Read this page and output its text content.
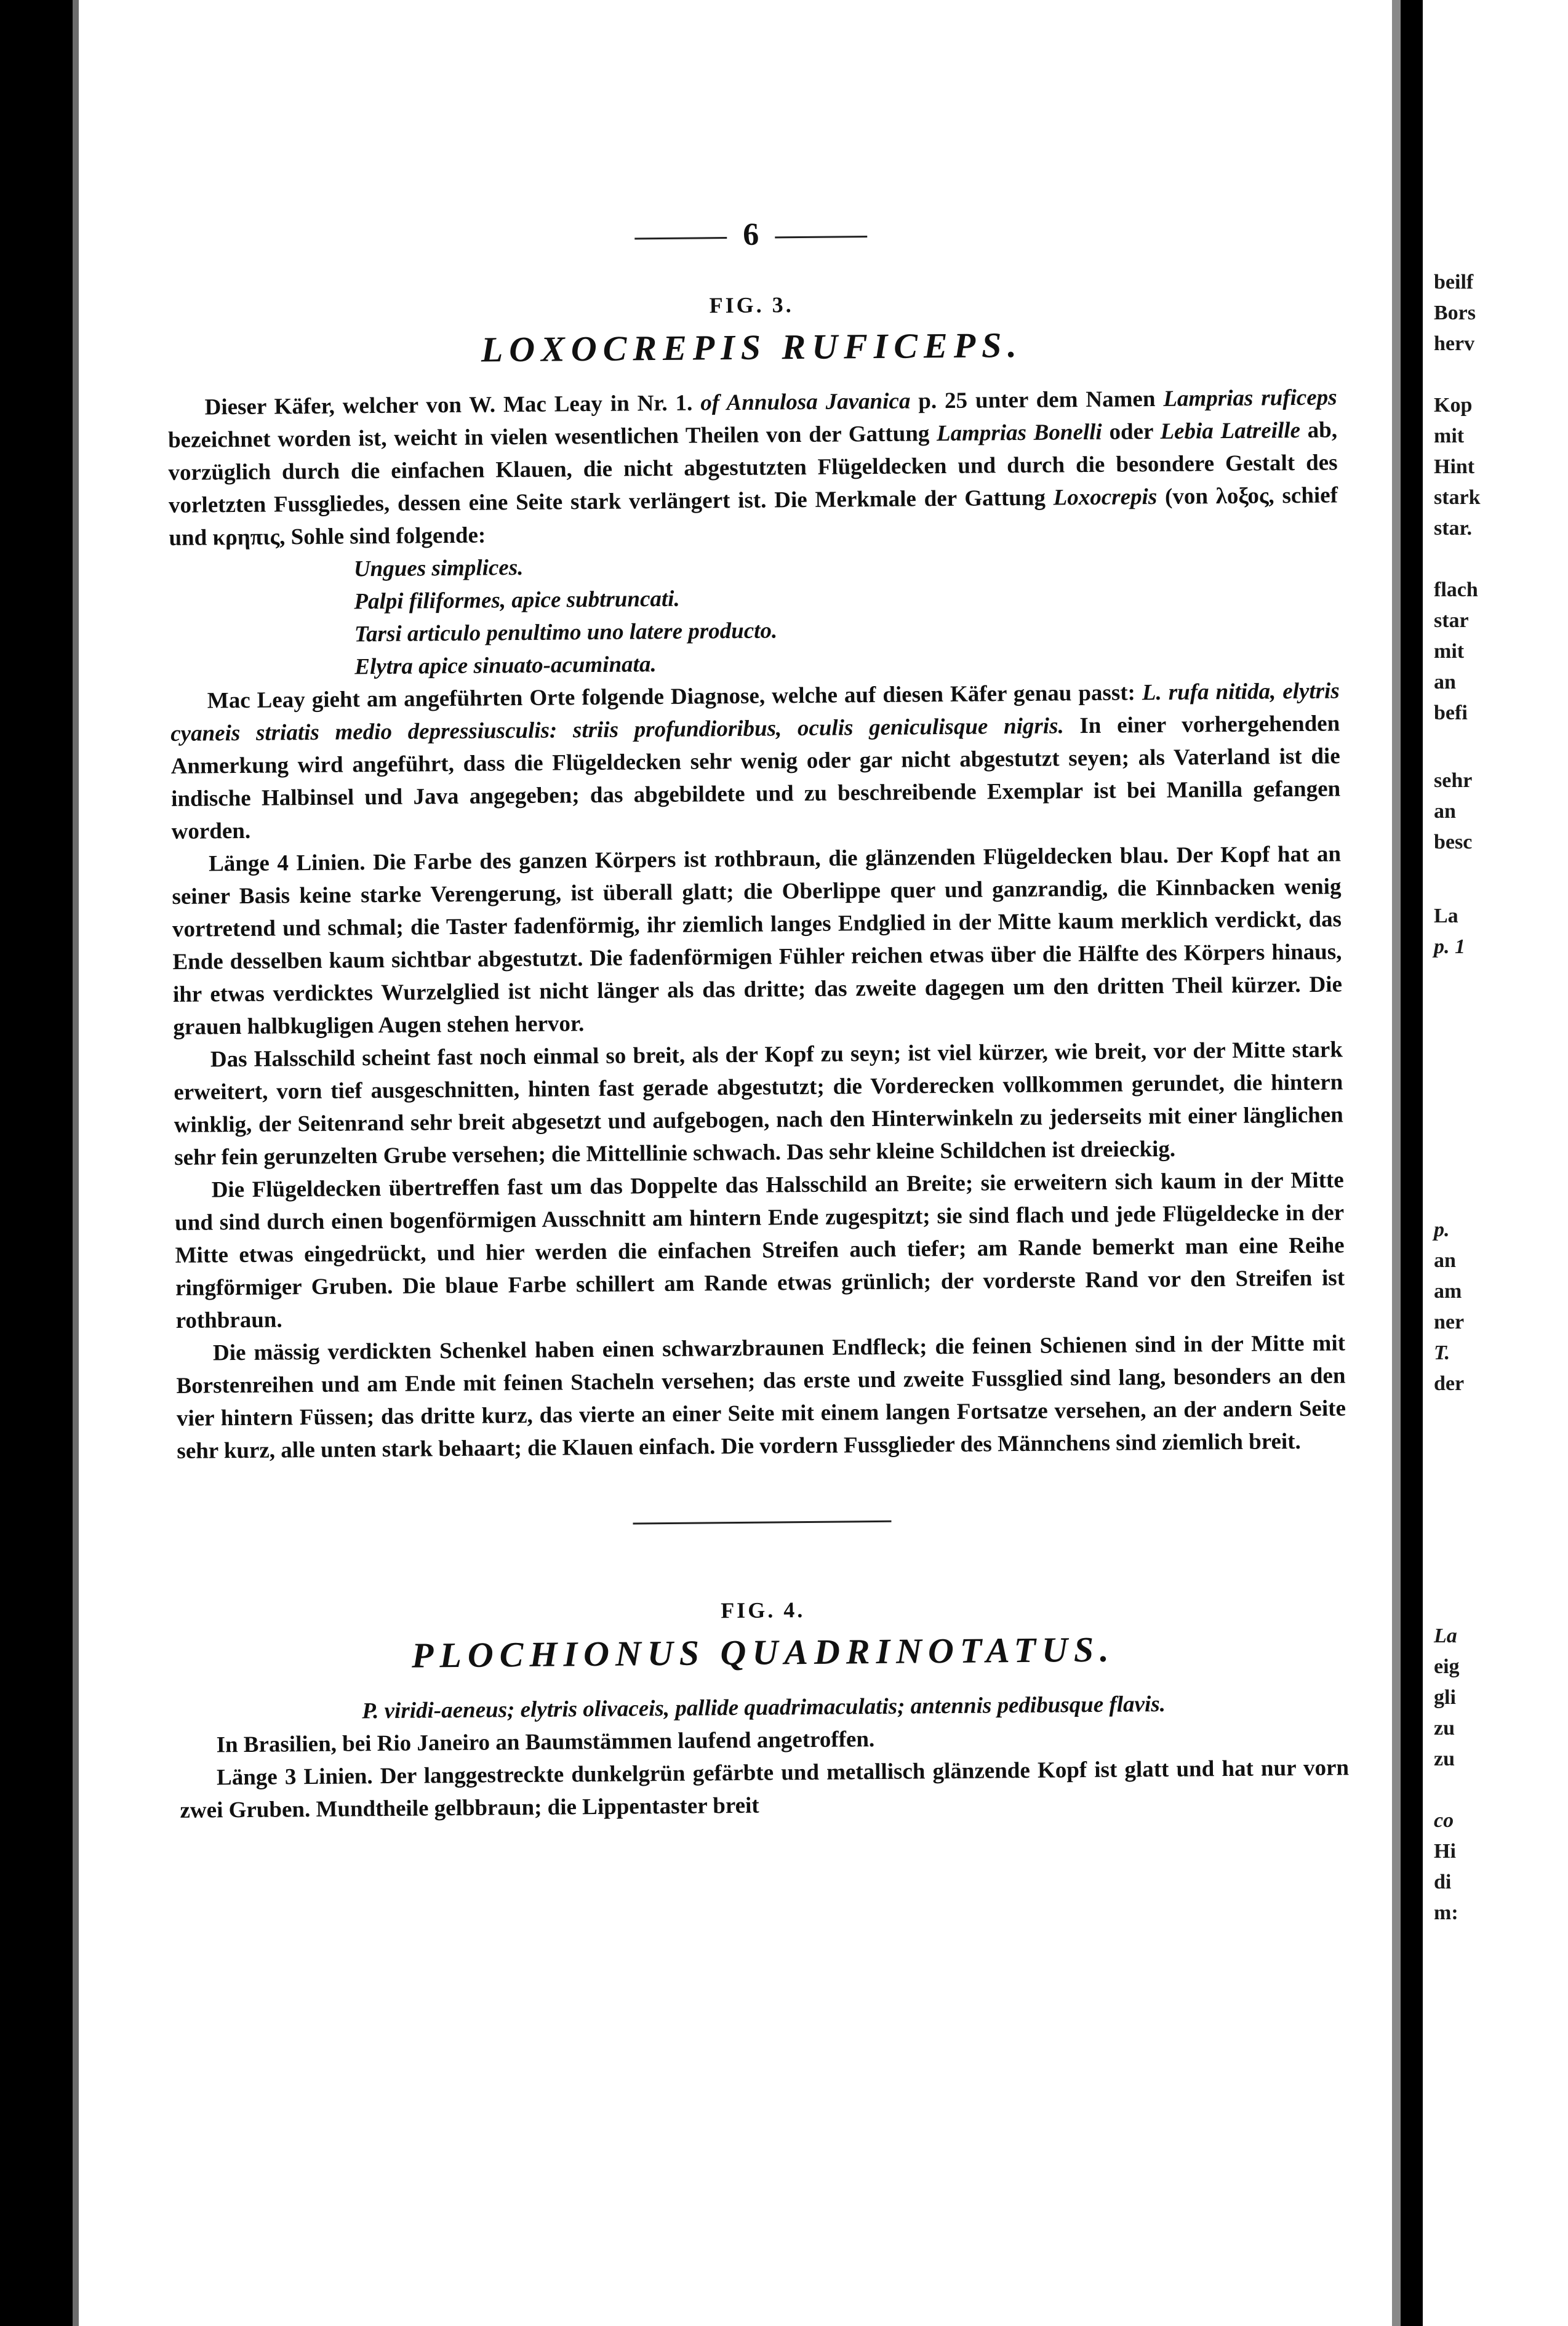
6
FIG. 3.
LOXOCREPIS RUFICEPS.

Dieser Käfer, welcher von W. Mac Leay in Nr. 1. of Annulosa Javanica p. 25 unter dem Namen Lamprias ruficeps bezeichnet worden ist, weicht in vielen wesentlichen Theilen von der Gattung Lamprias Bonelli oder Lebia Latreille ab, vorzüglich durch die einfachen Klauen, die nicht abgestutzten Flügeldecken und durch die besondere Gestalt des vorletzten Fussgliedes, dessen eine Seite stark verlängert ist. Die Merkmale der Gattung Loxocrepis (von λοξος, schief und κρηπις, Sohle sind folgende:

Ungues simplices.
Palpi filiformes, apice subtruncati.
Tarsi articulo penultimo uno latere producto.
Elytra apice sinuato-acuminata.

Mac Leay gieht am angeführten Orte folgende Diagnose, welche auf diesen Käfer genau passt: L. rufa nitida, elytris cyaneis striatis medio depressiusculis: striis profundioribus, oculis geniculisque nigris. In einer vorhergehenden Anmerkung wird angeführt, dass die Flügeldecken sehr wenig oder gar nicht abgestutzt seyen; als Vaterland ist die indische Halbinsel und Java angegeben; das abgebildete und zu beschreibende Exemplar ist bei Manilla gefangen worden.

Länge 4 Linien. Die Farbe des ganzen Körpers ist rothbraun, die glänzenden Flügeldecken blau. Der Kopf hat an seiner Basis keine starke Verengerung, ist überall glatt; die Oberlippe quer und ganzrandig, die Kinnbacken wenig vortretend und schmal; die Taster fadenförmig, ihr ziemlich langes Endglied in der Mitte kaum merklich verdickt, das Ende desselben kaum sichtbar abgestutzt. Die fadenförmigen Fühler reichen etwas über die Hälfte des Körpers hinaus, ihr etwas verdicktes Wurzelglied ist nicht länger als das dritte; das zweite dagegen um den dritten Theil kürzer. Die grauen halbkugligen Augen stehen hervor.

Das Halsschild scheint fast noch einmal so breit, als der Kopf zu seyn; ist viel kürzer, wie breit, vor der Mitte stark erweitert, vorn tief ausgeschnitten, hinten fast gerade abgestutzt; die Vorderecken vollkommen gerundet, die hintern winklig, der Seitenrand sehr breit abgesetzt und aufgebogen, nach den Hinterwinkeln zu jederseits mit einer länglichen sehr fein gerunzelten Grube versehen; die Mittellinie schwach. Das sehr kleine Schildchen ist dreieckig.

Die Flügeldecken übertreffen fast um das Doppelte das Halsschild an Breite; sie erweitern sich kaum in der Mitte und sind durch einen bogenförmigen Ausschnitt am hintern Ende zugespitzt; sie sind flach und jede Flügeldecke in der Mitte etwas eingedrückt, und hier werden die einfachen Streifen auch tiefer; am Rande bemerkt man eine Reihe ringförmiger Gruben. Die blaue Farbe schillert am Rande etwas grünlich; der vorderste Rand vor den Streifen ist rothbraun.

Die mässig verdickten Schenkel haben einen schwarzbraunen Endfleck; die feinen Schienen sind in der Mitte mit Borstenreihen und am Ende mit feinen Stacheln versehen; das erste und zweite Fussglied sind lang, besonders an den vier hintern Füssen; das dritte kurz, das vierte an einer Seite mit einem langen Fortsatze versehen, an der andern Seite sehr kurz, alle unten stark behaart; die Klauen einfach. Die vordern Fussglieder des Männchens sind ziemlich breit.

FIG. 4.
PLOCHIONUS QUADRINOTATUS.

P. viridi-aeneus; elytris olivaceis, pallide quadrimaculatis; antennis pedibusque flavis.

In Brasilien, bei Rio Janeiro an Baumstämmen laufend angetroffen.

Länge 3 Linien. Der langgestreckte dunkelgrün gefärbte und metallisch glänzende Kopf ist glatt und hat nur vorn zwei Gruben. Mundtheile gelbbraun; die Lippentaster breit

beilf
Bors
herv
Kop
mit
Hint
stark
star.
flach
star
mit
an
befi
sehr
an
besc
La
p. 1
p.
an
am
ner
T.
der
La
eig
gli
zu
zu
co
Hi
di
m:
